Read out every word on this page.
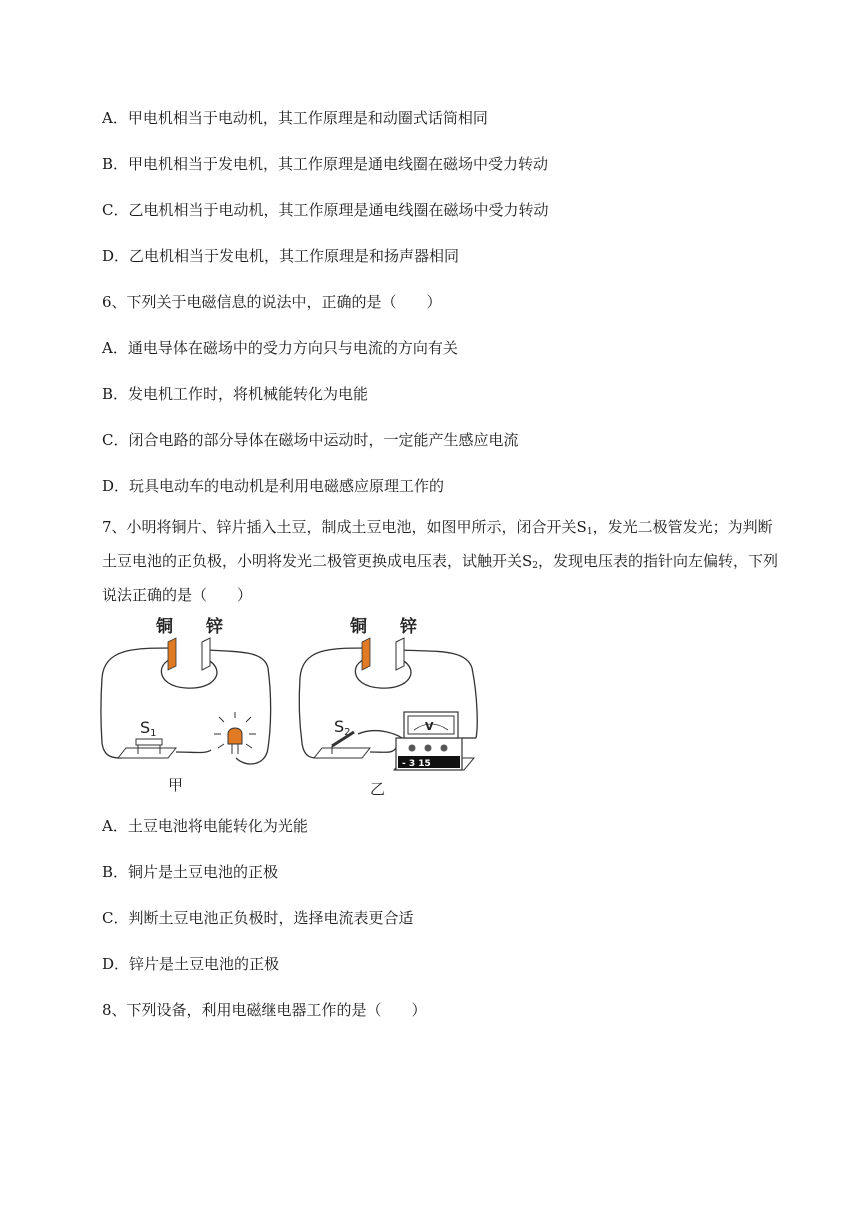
A．甲电机相当于电动机，其工作原理是和动圈式话筒相同
B．甲电机相当于发电机，其工作原理是通电线圈在磁场中受力转动
C．乙电机相当于电动机，其工作原理是通电线圈在磁场中受力转动
D．乙电机相当于发电机，其工作原理是和扬声器相同
6、下列关于电磁信息的说法中，正确的是（　　）
A．通电导体在磁场中的受力方向只与电流的方向有关
B．发电机工作时，将机械能转化为电能
C．闭合电路的部分导体在磁场中运动时，一定能产生感应电流
D．玩具电动车的电动机是利用电磁感应原理工作的
7、小明将铜片、锌片插入土豆，制成土豆电池，如图甲所示，闭合开关$S_1$，发光二极管发光；为判断土豆电池的正负极，小明将发光二极管更换成电压表，试触开关$S_2$，发现电压表的指针向左偏转，下列说法正确的是（　　）
铜 锌
S1
甲
铜 锌
S2	V
- 3 15
乙
A．土豆电池将电能转化为光能
B．铜片是土豆电池的正极
C．判断土豆电池正负极时，选择电流表更合适
D．锌片是土豆电池的正极
8、下列设备，利用电磁继电器工作的是（　　）
